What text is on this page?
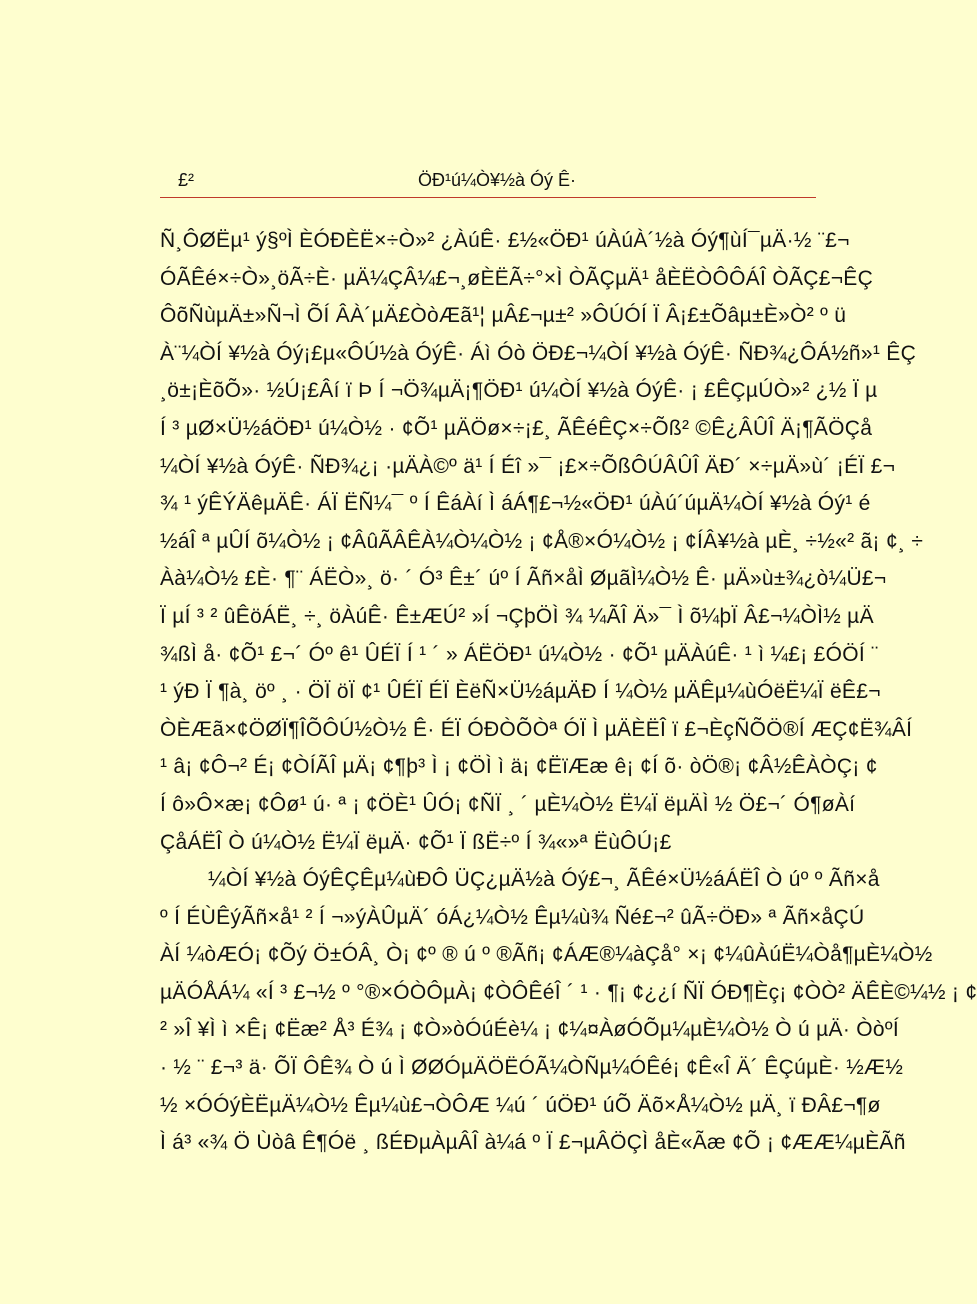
£²	ÖÐ¹ú¼Ò¥½à Óý Ê·
Ñ¸ÔØËµ¹ ý§ºÌ ÈÓÐÈË×÷Ò»² ¿ÀúÊ· £½«ÖÐ¹ úÀúÀ´½à Óý¶ùÍ¯µÄ·½ ¨£¬
ÓÃÊé×÷Ò»¸öÃ÷È· µÄ¼ÇÂ¼£¬¸øÈËÃ÷°×Ì ÒÃÇµÄ¹ åÈËÒÔÔÁÎ ÒÃÇ£¬ÊÇ
ÔõÑùµÄ±»Ñ¬Ì ÕÍ ÂÀ´µÄ£ÒòÆã¹¦ µÂ£¬µ±² »ÔÚÓÍ Ï Â¡£±Õâµ±È»Ò² º ü
À¨¼ÒÍ ¥½à Óý¡£µ«ÔÚ½à ÓýÊ· Áì Óò ÖÐ£¬¼ÒÍ ¥½à ÓýÊ· ÑÐ¾¿ÔÁ½ñ»¹ ÊÇ
¸ö±¡ÈõÕ»· ½Ú¡£Âí ï Þ Í ¬Ö¾µÄ¡¶ÖÐ¹ ú¼ÒÍ ¥½à ÓýÊ· ¡ £ÊÇµÚÒ»² ¿½ Ï µ
Í ³ µØ×Ü½áÖÐ¹ ú¼Ò½ · ¢Õ¹ µÄÖø×÷¡£¸ ÃÊéÊÇ×÷Õß² ©Ê¿ÂÛÎ Ä¡¶ÃÖÇå
¼ÒÍ ¥½à ÓýÊ· ÑÐ¾¿¡ ·µÄÀ©º ä¹ Í Éî »¯ ¡£×÷ÕßÔÚÂÛÎ ÄÐ´ ×÷µÄ»ù´ ¡ÉÏ £¬
¾ ¹ ýÊÝÄêµÄÊ· ÁÏ ËÑ¼¯ º Í ÊáÀí Ì áÁ¶£¬½«ÖÐ¹ úÀú´úµÄ¼ÒÍ ¥½à Óý¹ é
½áÎ ª µÛÍ õ¼Ò½ ¡ ¢ÂûÃÂÊÀ¼Ò¼Ò½ ¡ ¢Å®×Ó¼Ò½ ¡ ¢ÍÂ¥½à µÈ¸ ÷½«² ã¡ ¢¸ ÷
Àà¼Ò½ £È· ¶¨ ÁËÒ»¸ ö· ´ Ó³ Ê±´ úº Í Ãñ×åÌ ØµãÌ¼Ò½ Ê· µÄ»ù±¾¿ò¼Ü£¬
Ï µÍ ³ ² ûÊöÁË¸ ÷¸ öÀúÊ· Ê±ÆÚ² »Í ¬ÇþÖÌ ¾ ¼ÃÎ Ä»¯ Ì õ¼þÏ Â£¬¼ÒÌ½ µÄ
¾ßÌ å· ¢Õ¹ £¬´ Óº ê¹ ÛÉÏ Í ¹ ´ » ÁËÖÐ¹ ú¼Ò½ · ¢Õ¹ µÄÀúÊ· ¹ ì ¼£¡ £ÓÖÍ ¨
¹ ýÐ Ï ¶à¸ öº ¸ · ÖÏ öÏ ¢¹ ÛÉÏ ÉÏ ÈëÑ×Ü½áµÄÐ Í ¼Ò½ µÄÊµ¼ùÓëË¼Ï ëÊ£¬
ÒÈÆã×¢ÖØÏ¶ÎÕÔÚ½Ò½ Ê· ÉÏ ÓÐÒÕÒª ÓÏ Ì µÄÈËÎ ï £¬ÈçÑÕÖ®Í ÆÇ¢Ë¾ÂÍ
¹ â¡ ¢Ô¬² É¡ ¢ÒÍÃÎ µÄ¡ ¢¶þ³ Ì ¡ ¢ÖÌ ì ä¡ ¢ËïÆæ ê¡ ¢Í õ· òÖ®¡ ¢Â½ÊÀÒÇ¡ ¢
Í ô»Ô×æ¡ ¢Ôø¹ ú· ª ¡ ¢ÖÈ¹ ÛÓ¡ ¢ÑÏ ¸ ´ µÈ¼Ò½ Ë¼Ï ëµÄÌ ½ Ö£¬´ Ó¶øÀí
ÇåÁËÎ Ò ú¼Ò½ Ë¼Ï ëµÄ· ¢Õ¹ Ï ßË÷º Í ¾«»ª ËùÔÚ¡£
¼ÒÍ ¥½à ÓýÊÇÊµ¼ùÐÔ ÜÇ¿µÄ½à Óý£¬¸ ÃÊé×Ü½áÁËÎ Ò úº º Ãñ×å
º Í ÉÙÊýÃñ×å¹ ² Í ¬»ýÀÛµÄ´ óÁ¿¼Ò½ Êµ¼ù¾ Ñé£¬² ûÃ÷ÖÐ» ª Ãñ×åÇÚ
ÀÍ ¼òÆÓ¡ ¢Õý Ö±ÓÂ¸ Ò¡ ¢º ® ú º ®Ãñ¡ ¢ÁÆ®¼àÇå° ×¡ ¢¼ûÀúË¼Òå¶µÈ¼Ò½
µÄÓÅÁ¼ «Í ³ £¬½ º °®×ÓÒÔµÀ¡ ¢ÒÔÊéÎ ´ ¹ · ¶¡ ¢¿¿í ÑÏ ÓÐ¶Èç¡ ¢ÒÒ² ÄÊÈ©¼½ ¡ ¢
² »Î ¥Ì ì ×Ê¡ ¢Ëæ² Å³ É¾ ¡ ¢Ò»òÓúÉè¼ ¡ ¢¼¤ÀøÓÕµ¼µÈ¼Ò½ Ò ú µÄ· ÒòºÍ
· ½ ¨ £¬³ ä· ÕÏ ÔÊ¾ Ò ú Ì ØØÓµÄÖËÓÃ¼ÒÑµ¼ÓÊé¡ ¢Ê«Î Ä´ ÊÇúµÈ· ½Æ½
½ ×ÓÓýÈËµÄ¼Ò½ Êµ¼ù£¬ÒÔÆ ¼ú ´ úÖÐ¹ úÕ Äõ×Å¼Ò½ µÄ¸ ï ÐÂ£¬¶ø
Ì á³ «¾ Ö Ùòâ Ê¶Óë ¸ ßÉÐµÀµÂÎ à¼á º Ï £¬µÂÖÇÌ åÈ«Ãæ ¢Õ ¡ ¢ÆÆ¼µÈÃñ
